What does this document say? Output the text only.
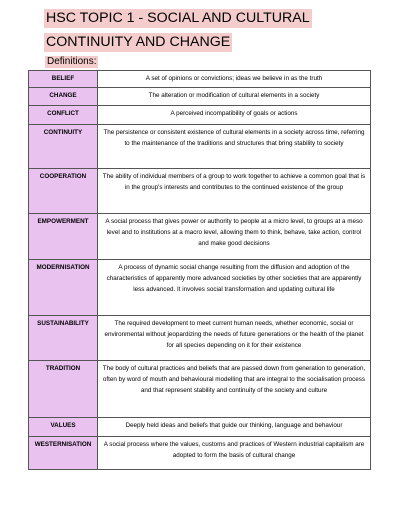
HSC TOPIC 1 - SOCIAL AND CULTURAL
CONTINUITY AND CHANGE
Definitions:
BELIEF	A set of opinions or convictions; ideas we believe in as the truth
CHANGE	The alteration or modification of cultural elements in a society
CONFLICT	A perceived incompatibility of goals or actions
CONTINUITY	The persistence or consistent existence of cultural elements in a society across time, referring to the maintenance of the traditions and structures that bring stability to society
COOPERATION	The ability of individual members of a group to work together to achieve a common goal that is in the group's interests and contributes to the continued existence of the group
EMPOWERMENT	A social process that gives power or authority to people at a micro level, to groups at a meso level and to institutions at a macro level, allowing them to think, behave, take action, control and make good decisions
MODERNISATION	A process of dynamic social change resulting from the diffusion and adoption of the characteristics of apparently more advanced societies by other societies that are apparently less advanced. It involves social transformation and updating cultural life
SUSTAINABILITY	The required development to meet current human needs, whether economic, social or environmental without jeopardizing the needs of future generations or the health of the planet for all species depending on it for their existence
TRADITION	The body of cultural practices and beliefs that are passed down from generation to generation, often by word of mouth and behavioural modelling that are integral to the socialisation process and that represent stability and continuity of the society and culture
VALUES	Deeply held ideas and beliefs that guide our thinking, language and behaviour
WESTERNISATION	A social process where the values, customs and practices of Western industrial capitalism are adopted to form the basis of cultural change
